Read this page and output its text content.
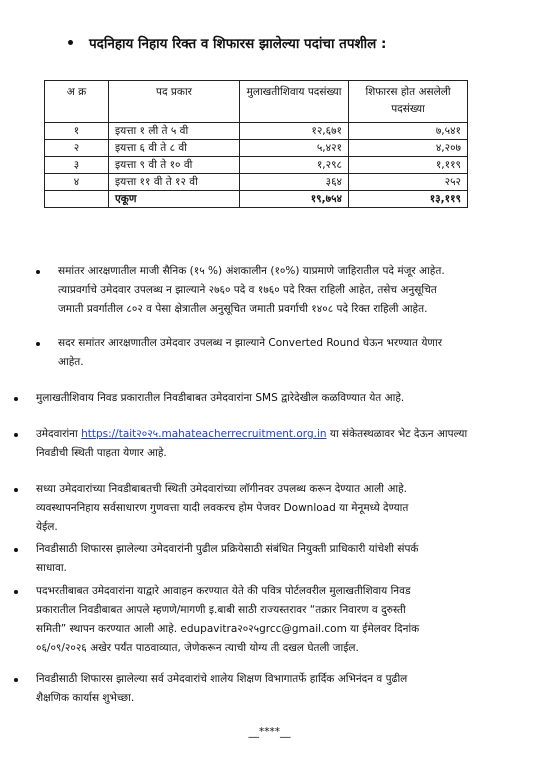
पदनिहाय निहाय रिक्त व शिफारस झालेल्या पदांचा तपशील :
अ क्र	पद प्रकार	मुलाखतीशिवाय पदसंख्या	शिफारस होत असलेली पदसंख्या
१	इयत्ता १ ली ते ५ वी	१२,६७१	७,५४१
२	इयत्ता ६ वी ते ८ वी	५,४२१	४,२०७
३	इयत्ता ९ वी ते १० वी	१,२९८	१,११९
४	इयत्ता ११ वी ते १२ वी	३६४	२५२
	एकूण	१९,७५४	१३,११९
समांतर आरक्षणातील माजी सैनिक (१५ %) अंशकालीन (१०%) याप्रमाणे जाहिरातील पदे मंजूर आहेत.
त्याप्रवर्गाचे उमेदवार उपलब्ध न झाल्याने २७६० पदे व १७६० पदे रिक्त राहिली आहेत, तसेच अनुसूचित
जमाती प्रवर्गातील ८०२ व पेसा क्षेत्रातील अनुसूचित जमाती प्रवर्गाची १४०८ पदे रिक्त राहिली आहेत.
सदर समांतर आरक्षणातील उमेदवार उपलब्ध न झाल्याने Converted Round घेऊन भरण्यात येणार
आहेत.
मुलाखतीशिवाय निवड प्रकारातील निवडीबाबत उमेदवारांना SMS द्वारेदेखील कळविण्यात येत आहे.
उमेदवारांना https://tait२०२५.mahateacherrecruitment.org.in या संकेतस्थळावर भेट देऊन आपल्या
निवडीची स्थिती पाहता येणार आहे.
सध्या उमेदवारांच्या निवडीबाबतची स्थिती उमेदवारांच्या लॉगीनवर उपलब्ध करून देण्यात आली आहे.
व्यवस्थापननिहाय सर्वसाधारण गुणवत्ता यादी लवकरच होम पेजवर Download या मेनूमध्ये देण्यात
येईल.
निवडीसाठी शिफारस झालेल्या उमेदवारांनी पुढील प्रक्रियेसाठी संबंधित नियुक्ती प्राधिकारी यांचेशी संपर्क
साधावा.
पदभरतीबाबत उमेदवारांना याद्वारे आवाहन करण्यात येते की पवित्र पोर्टलवरील मुलाखतीशिवाय निवड
प्रकारातील निवडीबाबत आपले म्हणणे/मागणी इ.बाबी साठी राज्यस्तरावर “तक्रार निवारण व दुरुस्ती
समिती” स्थापन करण्यात आली आहे. edupavitra२०२५grcc@gmail.com या ईमेलवर दिनांक
०६/०९/२०२६ अखेर पर्यंत पाठवाव्यात, जेणेकरून त्याची योग्य ती दखल घेतली जाईल.
निवडीसाठी शिफारस झालेल्या सर्व उमेदवारांचे शालेय शिक्षण विभागातर्फे हार्दिक अभिनंदन व पुढील
शैक्षणिक कार्यास शुभेच्छा.
__****__
